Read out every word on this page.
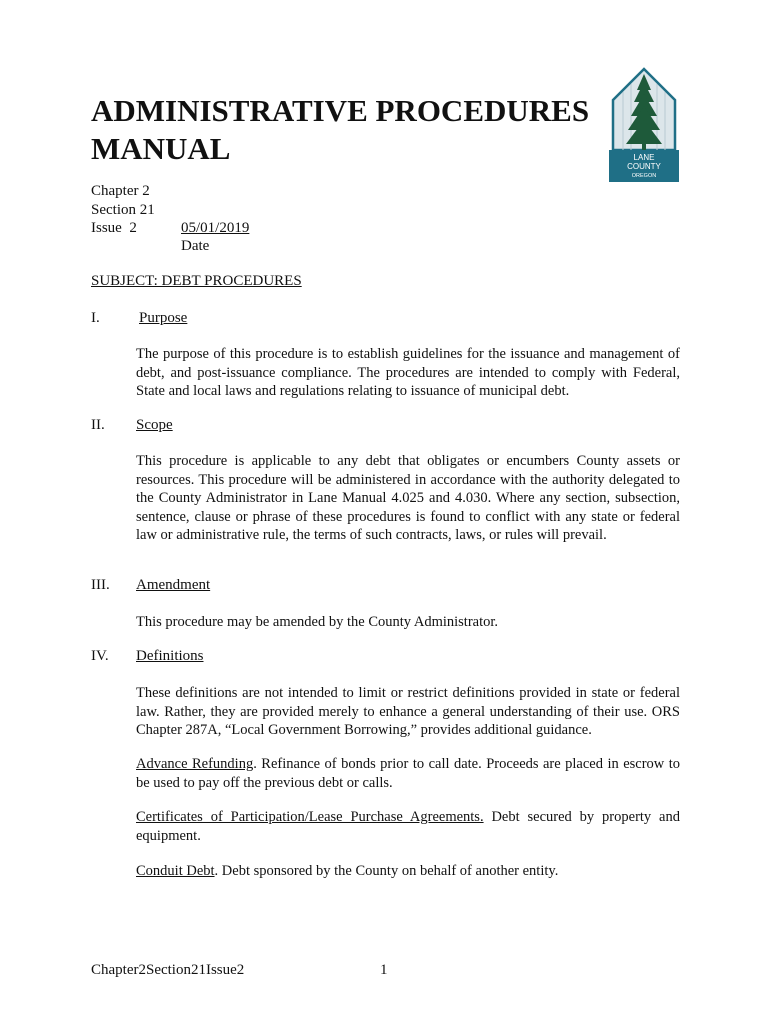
ADMINISTRATIVE PROCEDURES
MANUAL	LANE
COUNTY
OREGON
Chapter 2
Section 21
Issue 2	05/01/2019
Date
SUBJECT: DEBT PROCEDURES
I.	Purpose

The purpose of this procedure is to establish guidelines for the issuance and management of debt, and post-issuance compliance. The procedures are intended to comply with Federal, State and local laws and regulations relating to issuance of municipal debt.

II. Scope

This procedure is applicable to any debt that obligates or encumbers County assets or resources. This procedure will be administered in accordance with the authority delegated to the County Administrator in Lane Manual 4.025 and 4.030. Where any section, subsection, sentence, clause or phrase of these procedures is found to conflict with any state or federal law or administrative rule, the terms of such contracts, laws, or rules will prevail.

III. Amendment

This procedure may be amended by the County Administrator.

IV. Definitions

These definitions are not intended to limit or restrict definitions provided in state or federal law. Rather, they are provided merely to enhance a general understanding of their use. ORS Chapter 287A, “Local Government Borrowing,” provides additional guidance.

Advance Refunding. Refinance of bonds prior to call date. Proceeds are placed in escrow to be used to pay off the previous debt or calls.

Certificates of Participation/Lease Purchase Agreements. Debt secured by property and equipment.

Conduit Debt. Debt sponsored by the County on behalf of another entity.

Chapter2Section21Issue2	1
